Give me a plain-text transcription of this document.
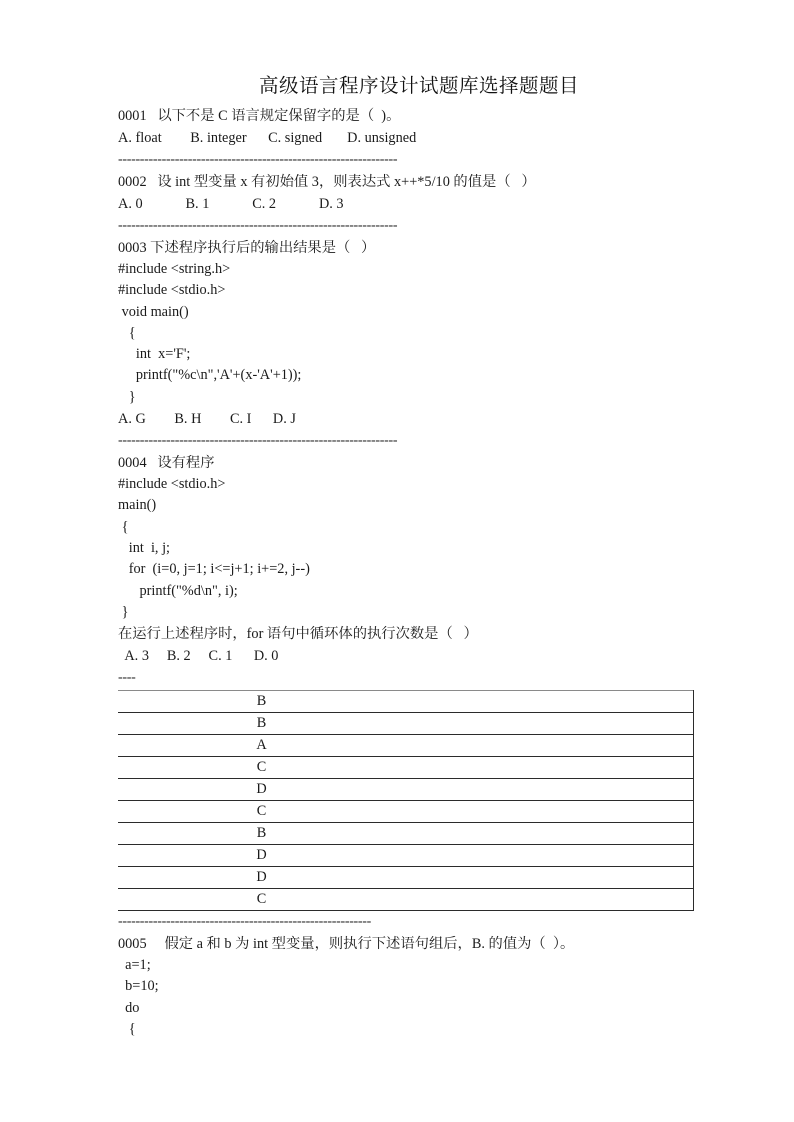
高级语言程序设计试题库选择题题目
0001   以下不是 C 语言规定保留字的是（  )。
A. float        B. integer      C. signed       D. unsigned
----------------------------------------------------------------
0002   设 int 型变量 x 有初始值 3，则表达式 x++*5/10 的值是（   ）
A. 0            B. 1            C. 2            D. 3
----------------------------------------------------------------
0003 下述程序执行后的输出结果是（   ）
#include <string.h>
#include <stdio.h>
void main()
{
int  x='F';
printf("%c\n",'A'+(x-'A'+1));
}
A. G        B. H        C. I      D. J
----------------------------------------------------------------
0004   设有程序
#include <stdio.h>
main()
{
int  i, j;
for  (i=0, j=1; i<=j+1; i+=2, j--)
printf("%d\n", i);
}
在运行上述程序时，for 语句中循环体的执行次数是（   ）
A. 3     B. 2     C. 1      D. 0
----
B
B
A
C
D
C
B
D
D
C
----------------------------------------------------------
0005     假定 a 和 b 为 int 型变量，则执行下述语句组后，B. 的值为（  ）。
a=1;
b=10;
do
{
